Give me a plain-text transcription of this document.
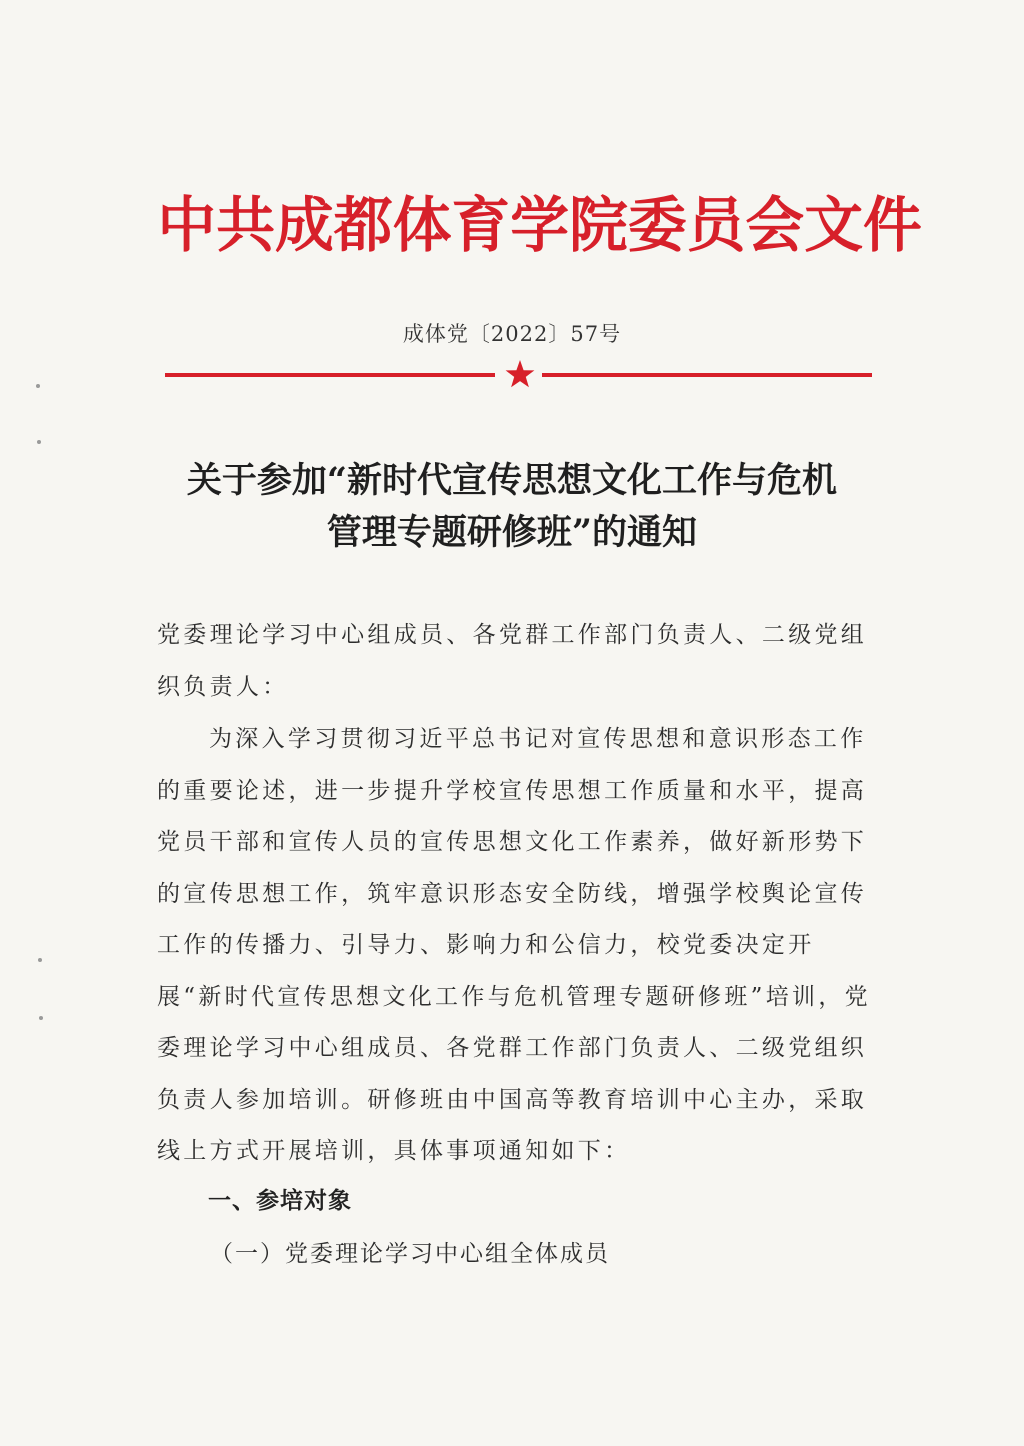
中共成都体育学院委员会文件
成体党〔2022〕57号
关于参加“新时代宣传思想文化工作与危机
管理专题研修班”的通知
党委理论学习中心组成员、各党群工作部门负责人、二级党组织负责人：
为深入学习贯彻习近平总书记对宣传思想和意识形态工作的重要论述，进一步提升学校宣传思想工作质量和水平，提高党员干部和宣传人员的宣传思想文化工作素养，做好新形势下的宣传思想工作，筑牢意识形态安全防线，增强学校舆论宣传工作的传播力、引导力、影响力和公信力，校党委决定开展“新时代宣传思想文化工作与危机管理专题研修班”培训，党委理论学习中心组成员、各党群工作部门负责人、二级党组织负责人参加培训。研修班由中国高等教育培训中心主办，采取线上方式开展培训，具体事项通知如下：
一、参培对象
（一）党委理论学习中心组全体成员
